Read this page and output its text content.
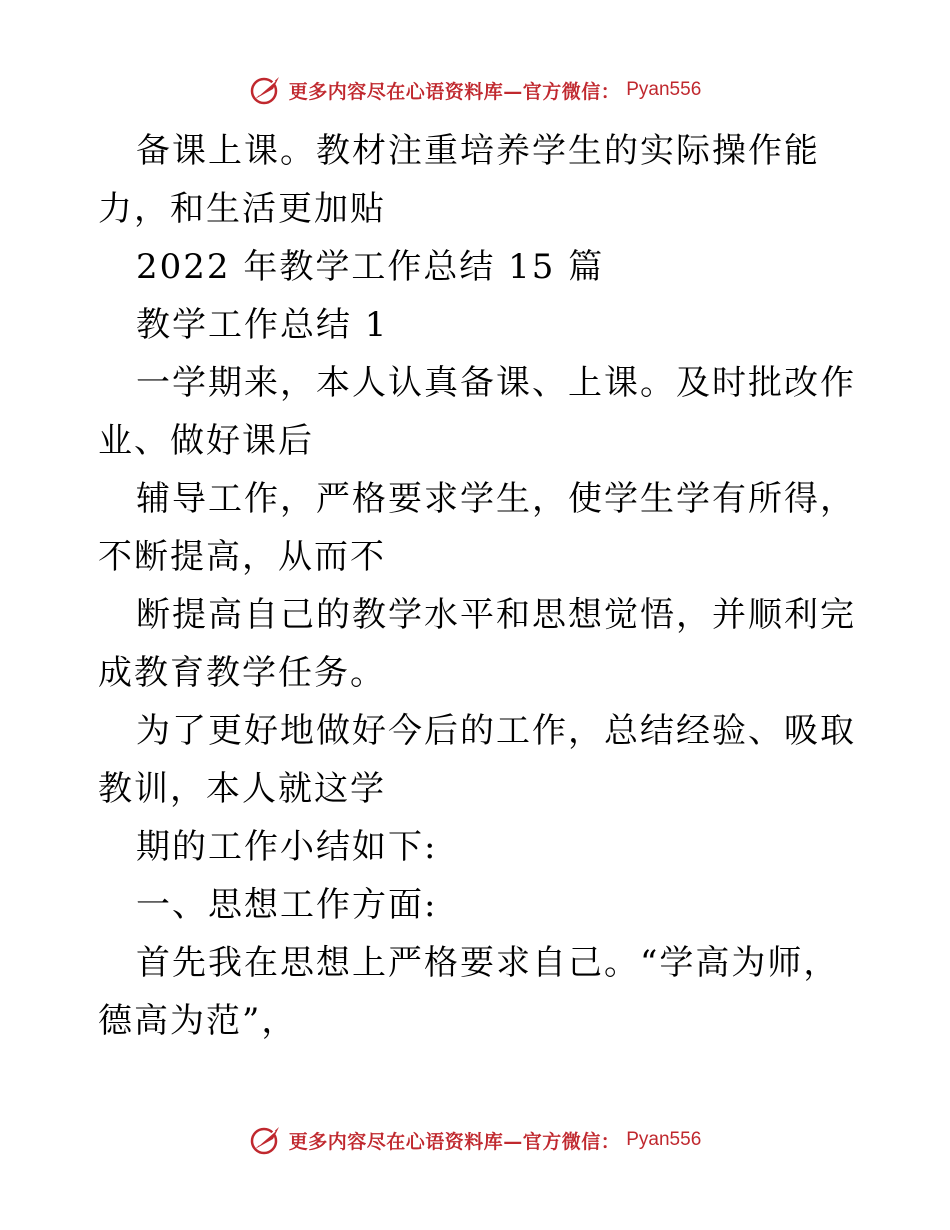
更多内容尽在心语资料库—官方微信： Pyan556

备课上课。教材注重培养学生的实际操作能力，和生活更加贴

2022 年教学工作总结 15 篇

教学工作总结 1

一学期来，本人认真备课、上课。及时批改作业、做好课后

辅导工作，严格要求学生，使学生学有所得，不断提高，从而不

断提高自己的教学水平和思想觉悟，并顺利完成教育教学任务。

为了更好地做好今后的工作，总结经验、吸取教训，本人就这学

期的工作小结如下:

一、思想工作方面:

首先我在思想上严格要求自己。“学高为师，德高为范”，

更多内容尽在心语资料库—官方微信： Pyan556
